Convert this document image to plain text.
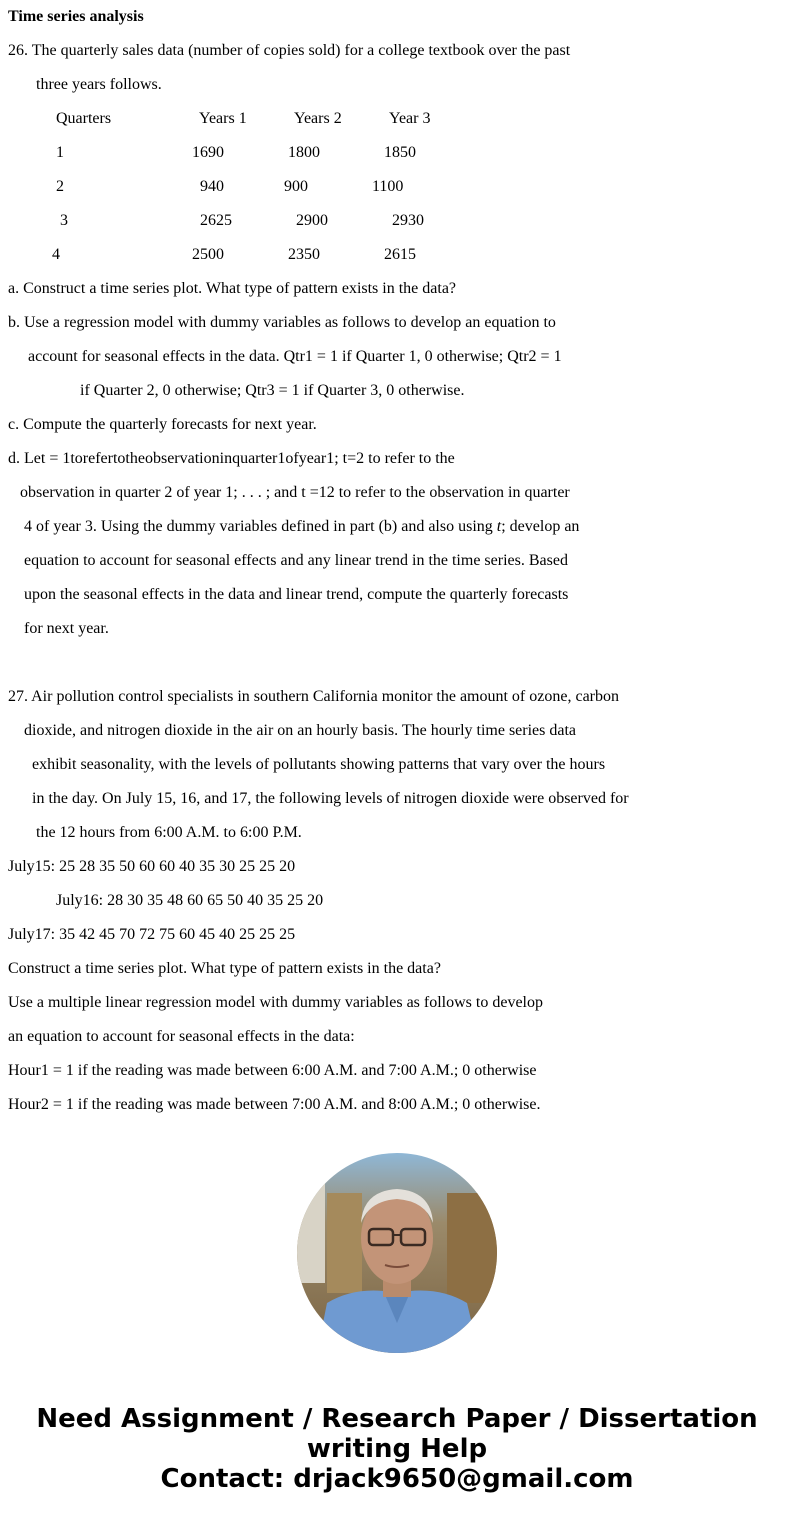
Time series analysis
26. The quarterly sales data (number of copies sold) for a college textbook over the past
three years follows.
Quarters	Years 1	Years 2	Year 3
1	1690	1800	1850
2	940	900	1100
3	2625	2900	2930
4	2500	2350	2615
a. Construct a time series plot. What type of pattern exists in the data?
b. Use a regression model with dummy variables as follows to develop an equation to
account for seasonal effects in the data. Qtr1 = 1 if Quarter 1, 0 otherwise; Qtr2 = 1
if Quarter 2, 0 otherwise; Qtr3 = 1 if Quarter 3, 0 otherwise.
c. Compute the quarterly forecasts for next year.
d. Let = 1torefertotheobservationinquarter1ofyear1; t=2 to refer to the
observation in quarter 2 of year 1; . . . ; and t =12 to refer to the observation in quarter
4 of year 3. Using the dummy variables defined in part (b) and also using t; develop an
equation to account for seasonal effects and any linear trend in the time series. Based
upon the seasonal effects in the data and linear trend, compute the quarterly forecasts
for next year.
27. Air pollution control specialists in southern California monitor the amount of ozone, carbon
dioxide, and nitrogen dioxide in the air on an hourly basis. The hourly time series data
exhibit seasonality, with the levels of pollutants showing patterns that vary over the hours
in the day. On July 15, 16, and 17, the following levels of nitrogen dioxide were observed for
the 12 hours from 6:00 A.M. to 6:00 P.M.
July15: 25 28 35 50 60 60 40 35 30 25 25 20
July16: 28 30 35 48 60 65 50 40 35 25 20
July17: 35 42 45 70 72 75 60 45 40 25 25 25
Construct a time series plot. What type of pattern exists in the data?
Use a multiple linear regression model with dummy variables as follows to develop
an equation to account for seasonal effects in the data:
Hour1 = 1 if the reading was made between 6:00 A.M. and 7:00 A.M.; 0 otherwise
Hour2 = 1 if the reading was made between 7:00 A.M. and 8:00 A.M.; 0 otherwise.
Need Assignment / Research Paper / Dissertation
writing Help
Contact: drjack9650@gmail.com
